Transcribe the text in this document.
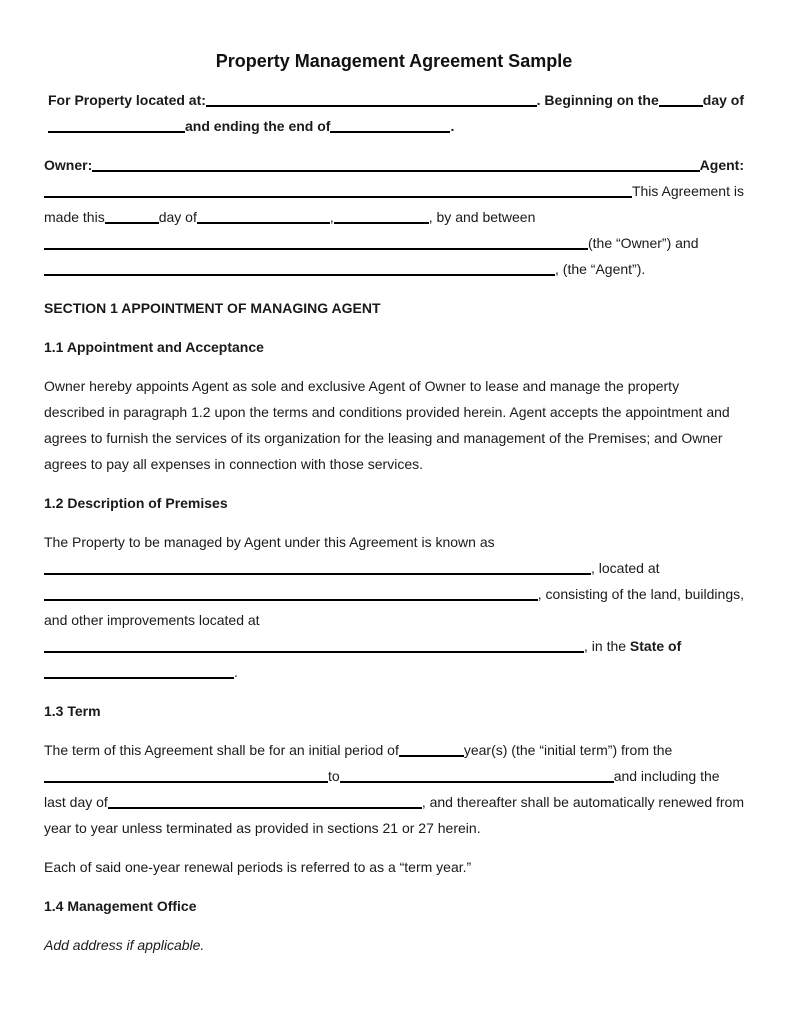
Property Management Agreement Sample
For Property located at:	. Beginning on the	day of
and ending the end of	.
Owner:	Agent:
This Agreement is
made this	day of	,	, by and between
(the “Owner”) and
, (the “Agent”).
SECTION 1 APPOINTMENT OF MANAGING AGENT
1.1 Appointment and Acceptance
Owner hereby appoints Agent as sole and exclusive Agent of Owner to lease and manage the property
described in paragraph 1.2 upon the terms and conditions provided herein. Agent accepts the appointment and
agrees to furnish the services of its organization for the leasing and management of the Premises; and Owner
agrees to pay all expenses in connection with those services.
1.2 Description of Premises
The Property to be managed by Agent under this Agreement is known as
, located at
, consisting of the land, buildings,
and other improvements located at
, in the State of
.
1.3 Term
The term of this Agreement shall be for an initial period of	year(s) (the “initial term”) from the
to	and including the
last day of	, and thereafter shall be automatically renewed from
year to year unless terminated as provided in sections 21 or 27 herein.
Each of said one-year renewal periods is referred to as a “term year.”
1.4 Management Office
Add address if applicable.
